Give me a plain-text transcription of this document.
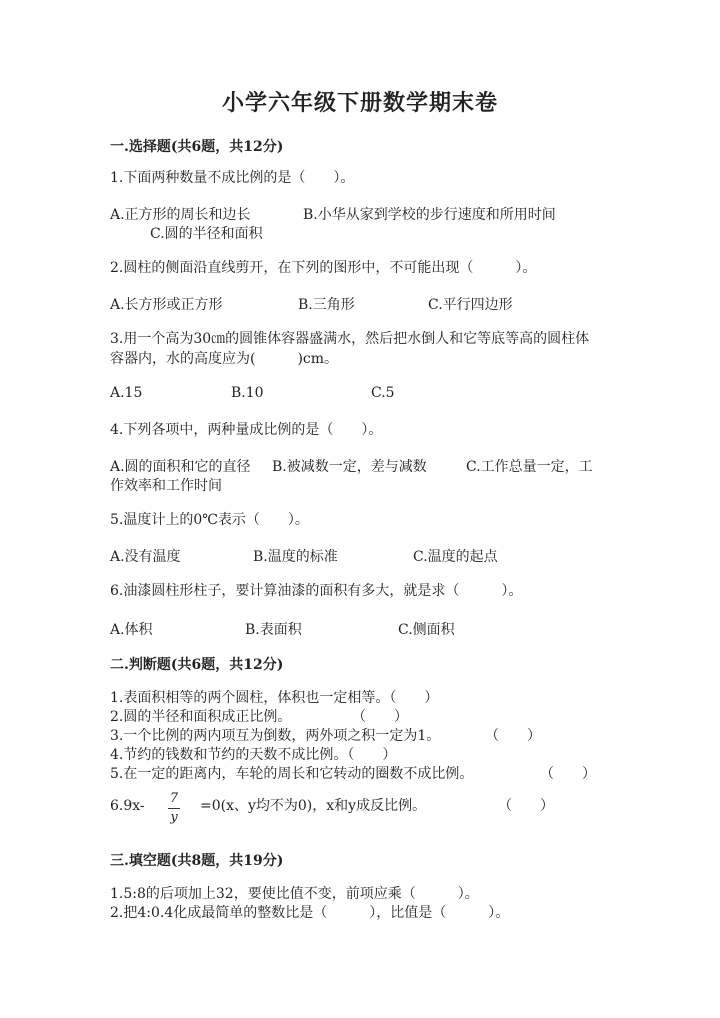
小学六年级下册数学期末卷
一.选择题(共6题，共12分)
1.下面两种数量不成比例的是（　　）。
A.正方形的周长和边长	B.小华从家到学校的步行速度和所用时间
C.圆的半径和面积
2.圆柱的侧面沿直线剪开，在下列的图形中，不可能出现（　　　）。
A.长方形或正方形	B.三角形	C.平行四边形
3.用一个高为30㎝的圆锥体容器盛满水，然后把水倒人和它等底等高的圆柱体
容器内，水的高度应为(　　　)cm。
A.15	B.10	C.5
4.下列各项中，两种量成比例的是（　　）。
A.圆的面积和它的直径 B.被减数一定，差与减数	C.工作总量一定，工
作效率和工作时间
5.温度计上的0℃表示（　　）。
A.没有温度	B.温度的标准	C.温度的起点
6.油漆圆柱形柱子，要计算油漆的面积有多大，就是求（　　　）。
A.体积	B.表面积	C.侧面积
二.判断题(共6题，共12分)
1.表面积相等的两个圆柱，体积也一定相等。（　　）
2.圆的半径和面积成正比例。	（　　）
3.一个比例的两内项互为倒数，两外项之积一定为1。	（　　）
4.节约的钱数和节约的天数不成比例。（　　）
5.在一定的距离内，车轮的周长和它转动的圈数不成比例。	（　　）
6.9x- 7
y
=0(x、y均不为0)，x和y成反比例。	（　　）
三.填空题(共8题，共19分)
1.5:8的后项加上32，要使比值不变，前项应乘（　　　）。
2.把4:0.4化成最简单的整数比是（　　　），比值是（　　　）。
